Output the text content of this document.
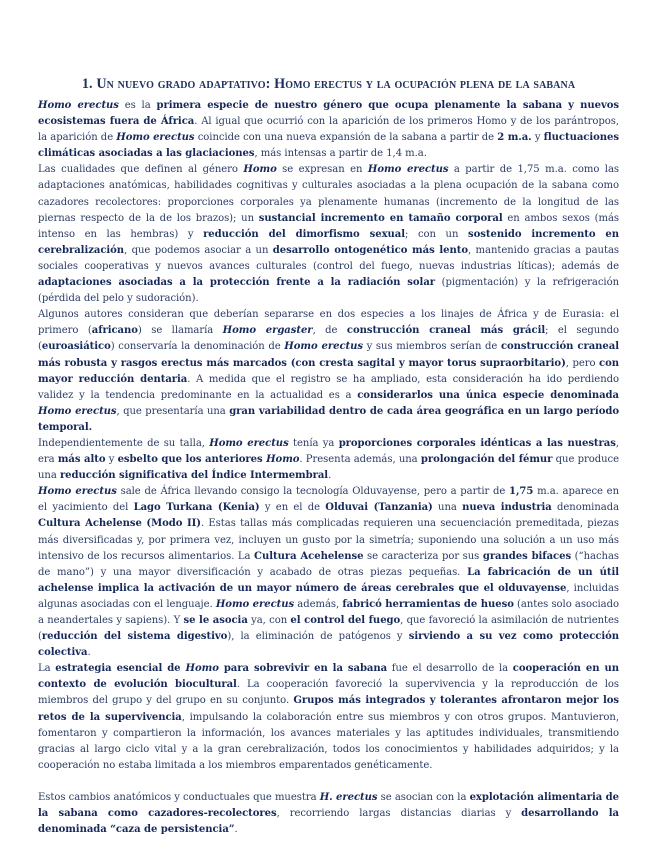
1. Un nuevo grado adaptativo: Homo erectus y la ocupación plena de la sabana

Homo erectus es la primera especie de nuestro género que ocupa plenamente la sabana y nuevos ecosistemas fuera de África. Al igual que ocurrió con la aparición de los primeros Homo y de los parántropos, la aparición de Homo erectus coincide con una nueva expansión de la sabana a partir de 2 m.a. y fluctuaciones climáticas asociadas a las glaciaciones, más intensas a partir de 1,4 m.a.

Las cualidades que definen al género Homo se expresan en Homo erectus a partir de 1,75 m.a. como las adaptaciones anatómicas, habilidades cognitivas y culturales asociadas a la plena ocupación de la sabana como cazadores recolectores: proporciones corporales ya plenamente humanas (incremento de la longitud de las piernas respecto de la de los brazos); un sustancial incremento en tamaño corporal en ambos sexos (más intenso en las hembras) y reducción del dimorfismo sexual; con un sostenido incremento en cerebralización, que podemos asociar a un desarrollo ontogenético más lento, mantenido gracias a pautas sociales cooperativas y nuevos avances culturales (control del fuego, nuevas industrias líticas); además de adaptaciones asociadas a la protección frente a la radiación solar (pigmentación) y la refrigeración (pérdida del pelo y sudoración).

Algunos autores consideran que deberían separarse en dos especies a los linajes de África y de Eurasia: el primero (africano) se llamaría Homo ergaster, de construcción craneal más grácil; el segundo (euroasiático) conservaría la denominación de Homo erectus y sus miembros serían de construcción craneal más robusta y rasgos erectus más marcados (con cresta sagital y mayor torus supraorbitario), pero con mayor reducción dentaria. A medida que el registro se ha ampliado, esta consideración ha ido perdiendo validez y la tendencia predominante en la actualidad es a considerarlos una única especie denominada Homo erectus, que presentaría una gran variabilidad dentro de cada área geográfica en un largo período temporal.

Independientemente de su talla, Homo erectus tenía ya proporciones corporales idénticas a las nuestras, era más alto y esbelto que los anteriores Homo. Presenta además, una prolongación del fémur que produce una reducción significativa del Índice Intermembral.

Homo erectus sale de África llevando consigo la tecnología Olduvayense, pero a partir de 1,75 m.a. aparece en el yacimiento del Lago Turkana (Kenia) y en el de Olduvai (Tanzania) una nueva industria denominada Cultura Achelense (Modo II). Estas tallas más complicadas requieren una secuenciación premeditada, piezas más diversificadas y, por primera vez, incluyen un gusto por la simetría; suponiendo una solución a un uso más intensivo de los recursos alimentarios. La Cultura Acehelense se caracteriza por sus grandes bifaces (“hachas de mano”) y una mayor diversificación y acabado de otras piezas pequeñas. La fabricación de un útil achelense implica la activación de un mayor número de áreas cerebrales que el olduvayense, incluidas algunas asociadas con el lenguaje. Homo erectus además, fabricó herramientas de hueso (antes solo asociado a neandertales y sapiens). Y se le asocia ya, con el control del fuego, que favoreció la asimilación de nutrientes (reducción del sistema digestivo), la eliminación de patógenos y sirviendo a su vez como protección colectiva.

La estrategia esencial de Homo para sobrevivir en la sabana fue el desarrollo de la cooperación en un contexto de evolución biocultural. La cooperación favoreció la supervivencia y la reproducción de los miembros del grupo y del grupo en su conjunto. Grupos más integrados y tolerantes afrontaron mejor los retos de la supervivencia, impulsando la colaboración entre sus miembros y con otros grupos. Mantuvieron, fomentaron y compartieron la información, los avances materiales y las aptitudes individuales, transmitiendo gracias al largo ciclo vital y a la gran cerebralización, todos los conocimientos y habilidades adquiridos; y la cooperación no estaba limitada a los miembros emparentados genéticamente.

Estos cambios anatómicos y conductuales que muestra H. erectus se asocian con la explotación alimentaria de la sabana como cazadores-recolectores, recorriendo largas distancias diarias y desarrollando la denominada “caza de persistencia”.
